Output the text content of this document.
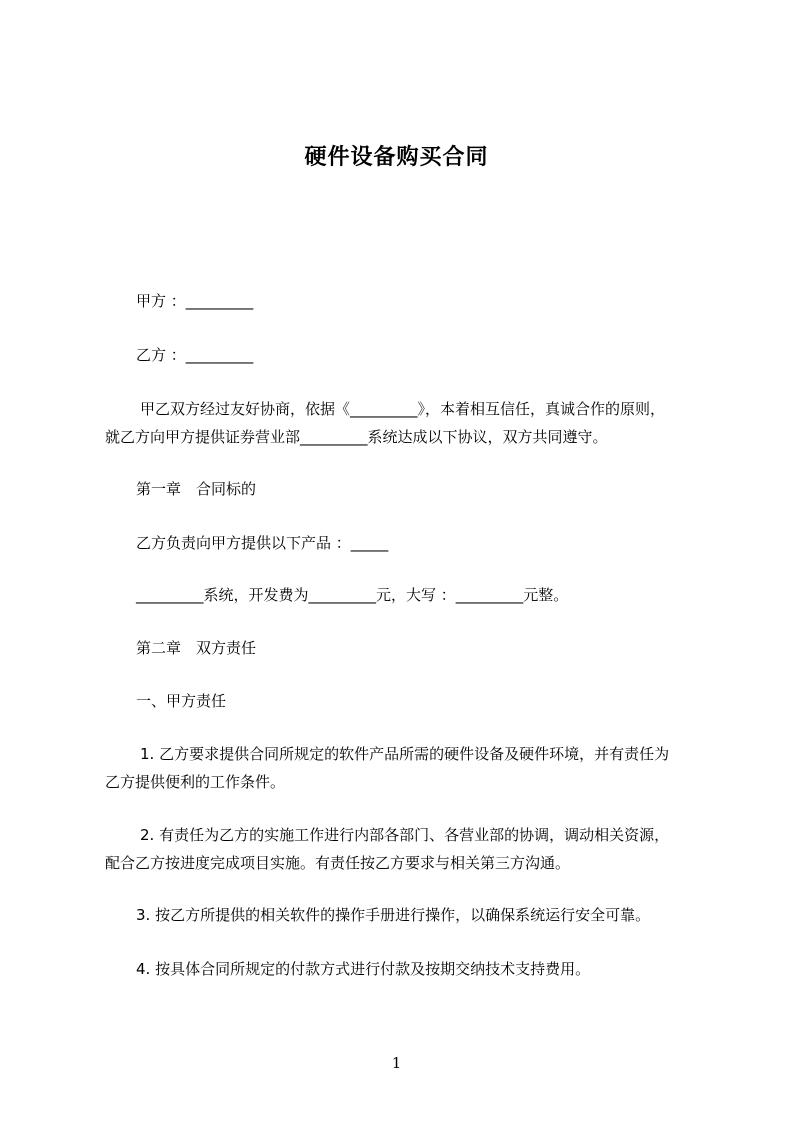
硬件设备购买合同
甲方 ：_________
乙方 ：_________
甲乙双方经过友好协商，依据《_________》，本着相互信任，真诚合作的原则，
就乙方向甲方提供证券营业部_________系统达成以下协议，双方共同遵守。
第一章　合同标的
乙方负责向甲方提供以下产品 ：_____
_________系统，开发费为_________元，大写 ：_________元整。
第二章　双方责任
一、甲方责任
1. 乙方要求提供合同所规定的软件产品所需的硬件设备及硬件环境，并有责任为
乙方提供便利的工作条件。
2. 有责任为乙方的实施工作进行内部各部门、各营业部的协调，调动相关资源，
配合乙方按进度完成项目实施。有责任按乙方要求与相关第三方沟通。
3. 按乙方所提供的相关软件的操作手册进行操作，以确保系统运行安全可靠。
4. 按具体合同所规定的付款方式进行付款及按期交纳技术支持费用。
1
